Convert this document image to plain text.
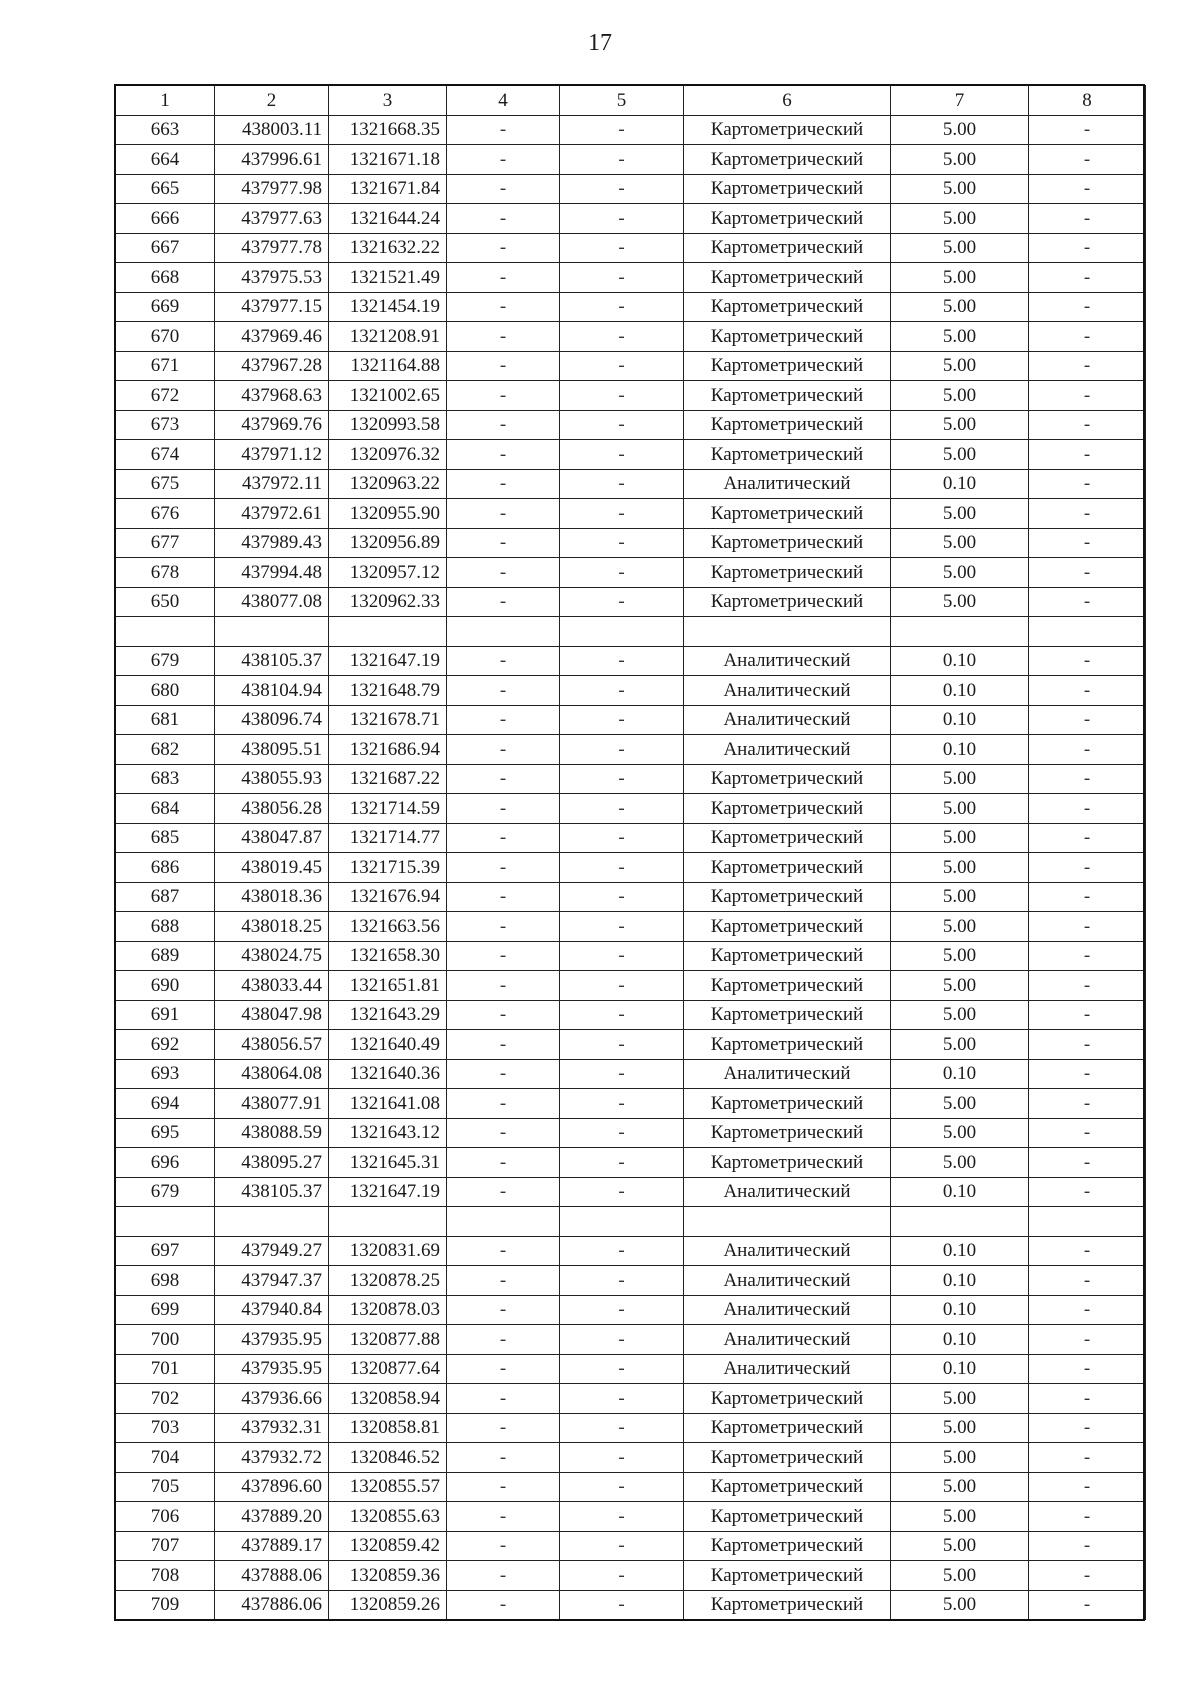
17
1	2	3	4	5	6	7	8
663	438003.11	1321668.35	-	-	Картометрический	5.00	-
664	437996.61	1321671.18	-	-	Картометрический	5.00	-
665	437977.98	1321671.84	-	-	Картометрический	5.00	-
666	437977.63	1321644.24	-	-	Картометрический	5.00	-
667	437977.78	1321632.22	-	-	Картометрический	5.00	-
668	437975.53	1321521.49	-	-	Картометрический	5.00	-
669	437977.15	1321454.19	-	-	Картометрический	5.00	-
670	437969.46	1321208.91	-	-	Картометрический	5.00	-
671	437967.28	1321164.88	-	-	Картометрический	5.00	-
672	437968.63	1321002.65	-	-	Картометрический	5.00	-
673	437969.76	1320993.58	-	-	Картометрический	5.00	-
674	437971.12	1320976.32	-	-	Картометрический	5.00	-
675	437972.11	1320963.22	-	-	Аналитический	0.10	-
676	437972.61	1320955.90	-	-	Картометрический	5.00	-
677	437989.43	1320956.89	-	-	Картометрический	5.00	-
678	437994.48	1320957.12	-	-	Картометрический	5.00	-
650	438077.08	1320962.33	-	-	Картометрический	5.00	-

679	438105.37	1321647.19	-	-	Аналитический	0.10	-
680	438104.94	1321648.79	-	-	Аналитический	0.10	-
681	438096.74	1321678.71	-	-	Аналитический	0.10	-
682	438095.51	1321686.94	-	-	Аналитический	0.10	-
683	438055.93	1321687.22	-	-	Картометрический	5.00	-
684	438056.28	1321714.59	-	-	Картометрический	5.00	-
685	438047.87	1321714.77	-	-	Картометрический	5.00	-
686	438019.45	1321715.39	-	-	Картометрический	5.00	-
687	438018.36	1321676.94	-	-	Картометрический	5.00	-
688	438018.25	1321663.56	-	-	Картометрический	5.00	-
689	438024.75	1321658.30	-	-	Картометрический	5.00	-
690	438033.44	1321651.81	-	-	Картометрический	5.00	-
691	438047.98	1321643.29	-	-	Картометрический	5.00	-
692	438056.57	1321640.49	-	-	Картометрический	5.00	-
693	438064.08	1321640.36	-	-	Аналитический	0.10	-
694	438077.91	1321641.08	-	-	Картометрический	5.00	-
695	438088.59	1321643.12	-	-	Картометрический	5.00	-
696	438095.27	1321645.31	-	-	Картометрический	5.00	-
679	438105.37	1321647.19	-	-	Аналитический	0.10	-

697	437949.27	1320831.69	-	-	Аналитический	0.10	-
698	437947.37	1320878.25	-	-	Аналитический	0.10	-
699	437940.84	1320878.03	-	-	Аналитический	0.10	-
700	437935.95	1320877.88	-	-	Аналитический	0.10	-
701	437935.95	1320877.64	-	-	Аналитический	0.10	-
702	437936.66	1320858.94	-	-	Картометрический	5.00	-
703	437932.31	1320858.81	-	-	Картометрический	5.00	-
704	437932.72	1320846.52	-	-	Картометрический	5.00	-
705	437896.60	1320855.57	-	-	Картометрический	5.00	-
706	437889.20	1320855.63	-	-	Картометрический	5.00	-
707	437889.17	1320859.42	-	-	Картометрический	5.00	-
708	437888.06	1320859.36	-	-	Картометрический	5.00	-
709	437886.06	1320859.26	-	-	Картометрический	5.00	-
